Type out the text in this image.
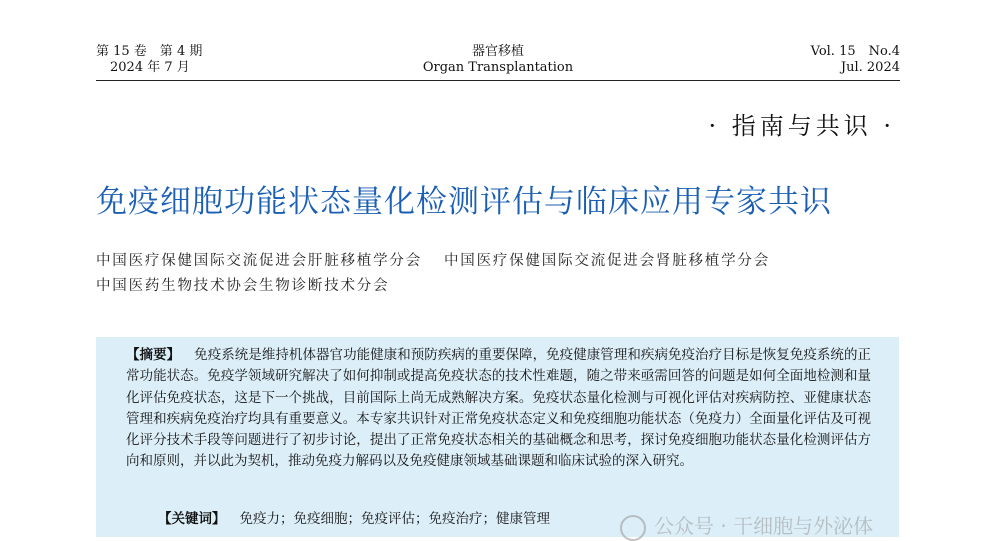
第 15 卷　第 4 期
2024 年 7 月
器官移植
Organ Transplantation
Vol. 15　No.4
Jul. 2024
· 指南与共识 ·
免疫细胞功能状态量化检测评估与临床应用专家共识
中国医疗保健国际交流促进会肝脏移植学分会 中国医疗保健国际交流促进会肾脏移植学分会
中国医药生物技术协会生物诊断技术分会
【摘要】 免疫系统是维持机体器官功能健康和预防疾病的重要保障，免疫健康管理和疾病免疫治疗目标是恢复免疫系统的正常功能状态。免疫学领域研究解决了如何抑制或提高免疫状态的技术性难题，随之带来亟需回答的问题是如何全面地检测和量化评估免疫状态，这是下一个挑战，目前国际上尚无成熟解决方案。免疫状态量化检测与可视化评估对疾病防控、亚健康状态管理和疾病免疫治疗均具有重要意义。本专家共识针对正常免疫状态定义和免疫细胞功能状态（免疫力）全面量化评估及可视化评分技术手段等问题进行了初步讨论，提出了正常免疫状态相关的基础概念和思考，探讨免疫细胞功能状态量化检测评估方向和原则，并以此为契机，推动免疫力解码以及免疫健康领域基础课题和临床试验的深入研究。
【关键词】 免疫力；免疫细胞；免疫评估；免疫治疗；健康管理	公众号 · 干细胞与外泌体
